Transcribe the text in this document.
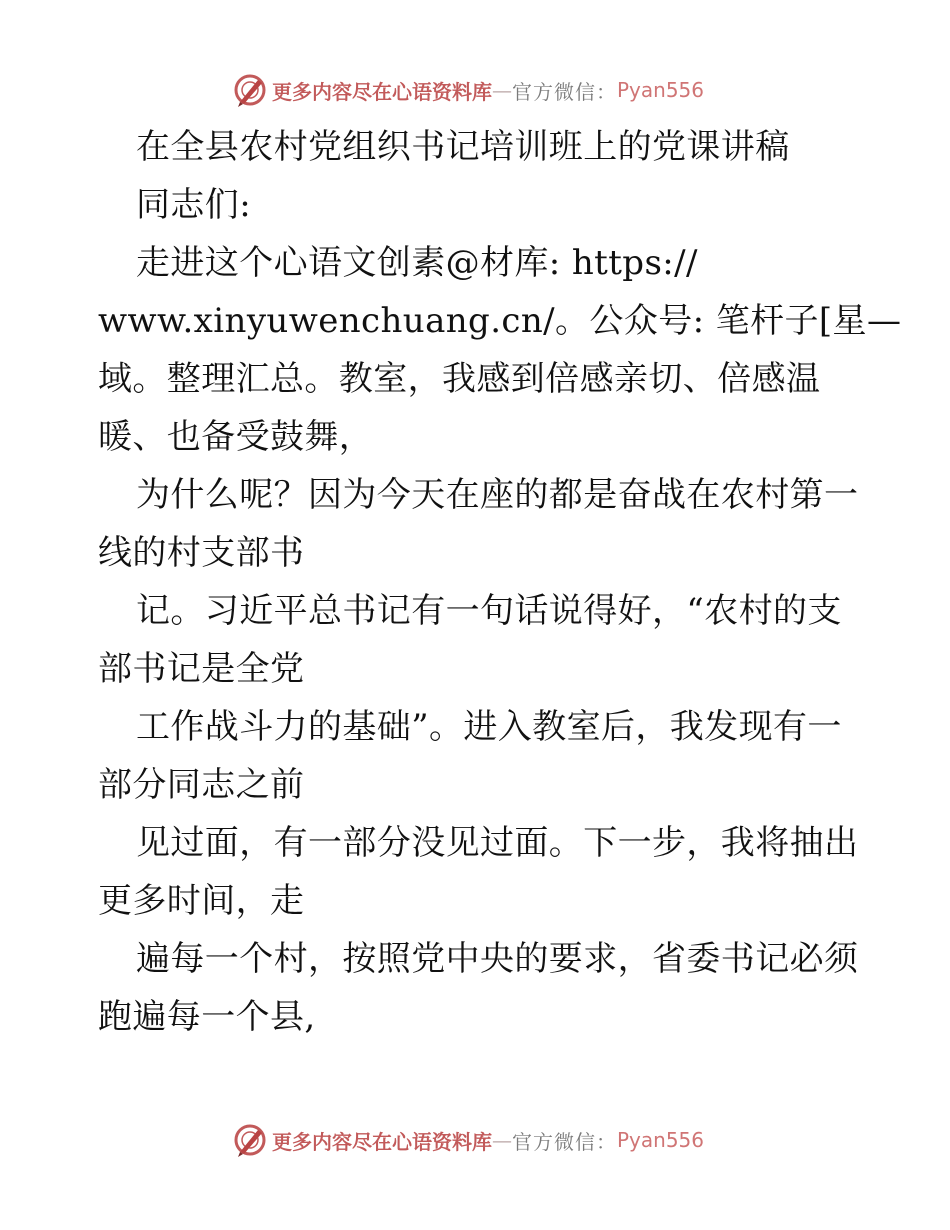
更多内容尽在心语资料库 — 官方微信： Pyan556
在全县农村党组织书记培训班上的党课讲稿
同志们:
走进这个心语文创素@材库: https://
www.xinyuwenchuang.cn/。公众号: 笔杆子[星—
域。整理汇总。教室，我感到倍感亲切、倍感温
暖、也备受鼓舞，
为什么呢？因为今天在座的都是奋战在农村第一
线的村支部书
记。习近平总书记有一句话说得好，“农村的支
部书记是全党
工作战斗力的基础”。进入教室后，我发现有一
部分同志之前
见过面，有一部分没见过面。下一步，我将抽出
更多时间，走
遍每一个村，按照党中央的要求，省委书记必须
跑遍每一个县,
更多内容尽在心语资料库 — 官方微信： Pyan556
